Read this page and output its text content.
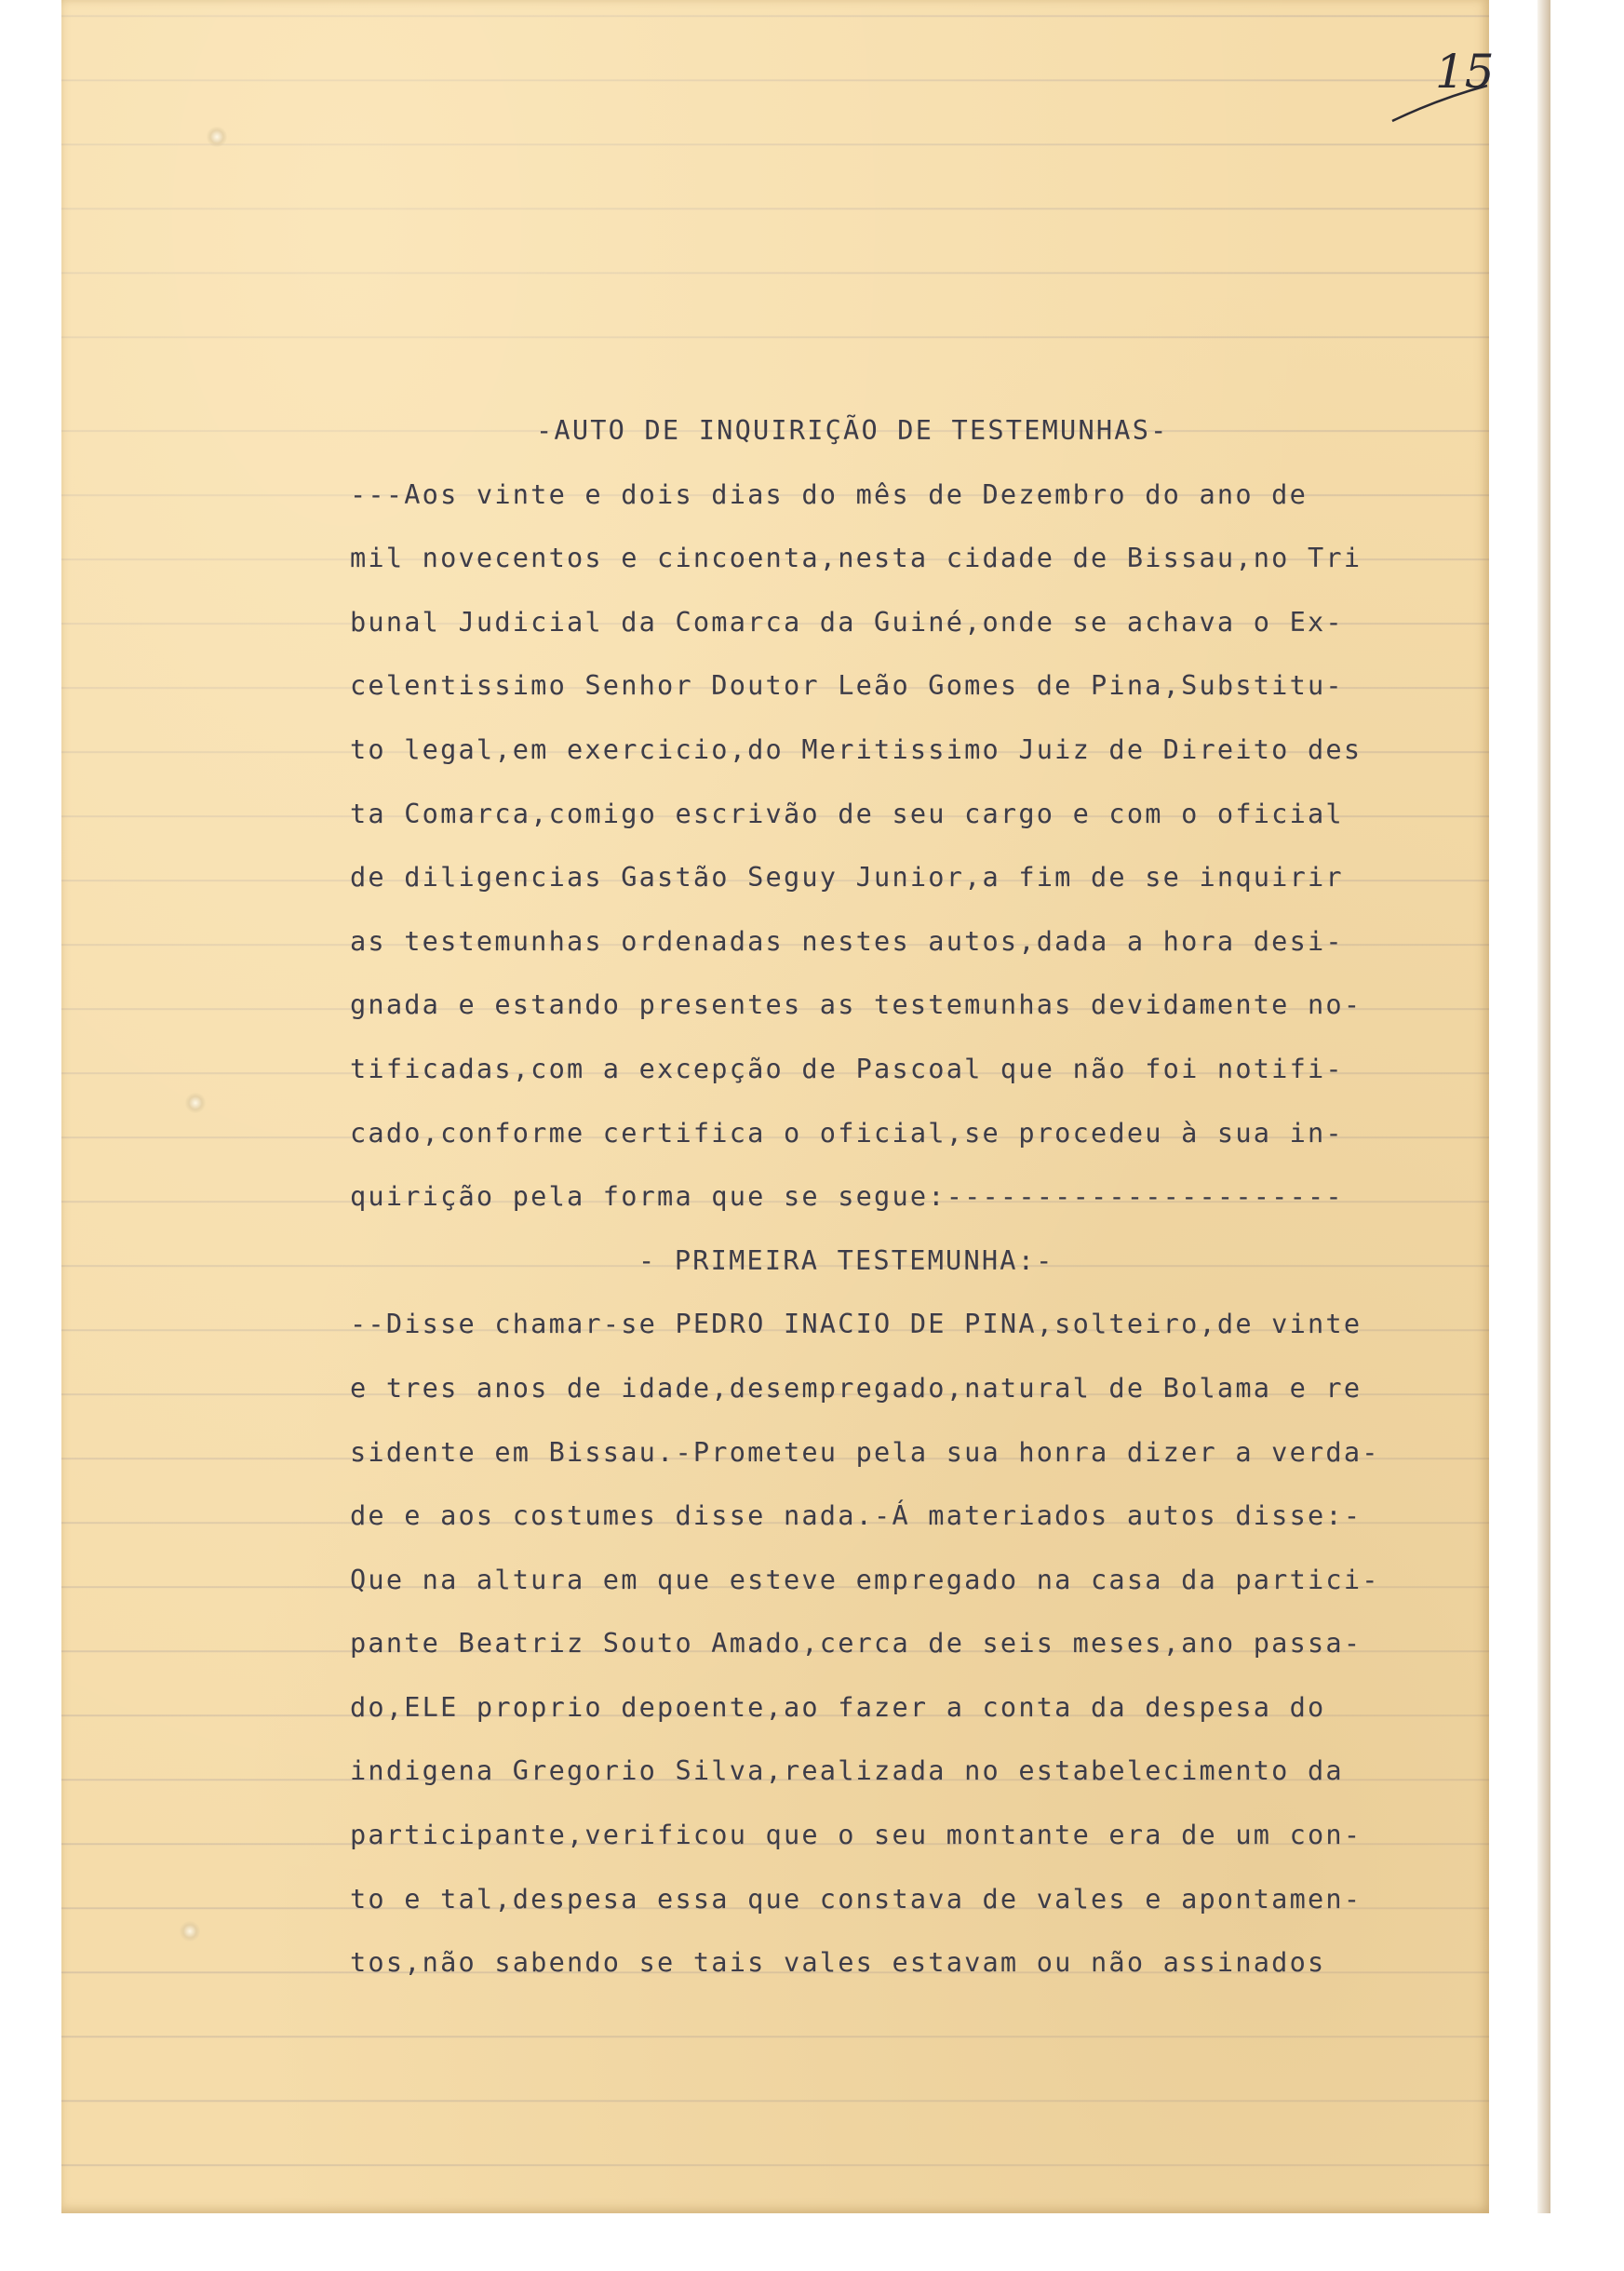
15
-AUTO DE INQUIRIÇÃO DE TESTEMUNHAS-
---Aos vinte e dois dias do mês de Dezembro do ano de
mil novecentos e cincoenta,nesta cidade de Bissau,no Tri
bunal Judicial da Comarca da Guiné,onde se achava o Ex-
celentissimo Senhor Doutor Leão Gomes de Pina,Substitu-
to legal,em exercicio,do Meritissimo Juiz de Direito des
ta Comarca,comigo escrivão de seu cargo e com o oficial
de diligencias Gastão Seguy Junior,a fim de se inquirir
as testemunhas ordenadas nestes autos,dada a hora desi-
gnada e estando presentes as testemunhas devidamente no-
tificadas,com a excepção de Pascoal que não foi notifi-
cado,conforme certifica o oficial,se procedeu à sua in-
quirição pela forma que se segue:----------------------
- PRIMEIRA TESTEMUNHA:-
--Disse chamar-se PEDRO INACIO DE PINA,solteiro,de vinte
e tres anos de idade,desempregado,natural de Bolama e re
sidente em Bissau.-Prometeu pela sua honra dizer a verda-
de e aos costumes disse nada.-Á materiados autos disse:-
Que na altura em que esteve empregado na casa da partici-
pante Beatriz Souto Amado,cerca de seis meses,ano passa-
do,ELE proprio depoente,ao fazer a conta da despesa do
indigena Gregorio Silva,realizada no estabelecimento da
participante,verificou que o seu montante era de um con-
to e tal,despesa essa que constava de vales e apontamen-
tos,não sabendo se tais vales estavam ou não assinados
